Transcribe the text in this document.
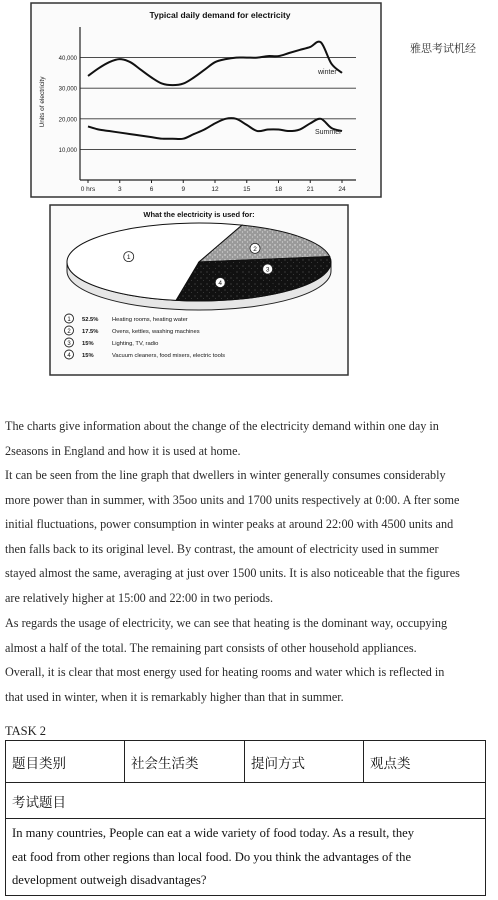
Typical daily demand for electricity
Units of electricity
10,000
20,000
30,000
40,000
0 hrs	3	6	9	12	15	18	21	24
winter
Summer
雅思考试机经
What the electricity is used for:
1
2
3
4
1 52.5% Heating rooms, heating water
2 17.5% Ovens, kettles, washing machines
3 15%	Lighting, TV, radio
4 15%	Vacuum cleaners, food mixers, electric tools
The charts give information about the change of the electricity demand within one day in
2seasons in England and how it is used at home.
It can be seen from the line graph that dwellers in winter generally consumes considerably
more power than in summer, with 35oo units and 1700 units respectively at 0:00. A fter some
initial fluctuations, power consumption in winter peaks at around 22:00 with 4500 units and
then falls back to its original level. By contrast, the amount of electricity used in summer
stayed almost the same, averaging at just over 1500 units. It is also noticeable that the figures
are relatively higher at 15:00 and 22:00 in two periods.
As regards the usage of electricity, we can see that heating is the dominant way, occupying
almost a half of the total. The remaining part consists of other household appliances.
Overall, it is clear that most energy used for heating rooms and water which is reflected in
that used in winter, when it is remarkably higher than that in summer.
TASK 2
题目类别	社会生活类	提问方式	观点类
考试题目

In many countries, People can eat a wide variety of food today. As a result, they
eat food from other regions than local food. Do you think the advantages of the
development outweigh disadvantages?
